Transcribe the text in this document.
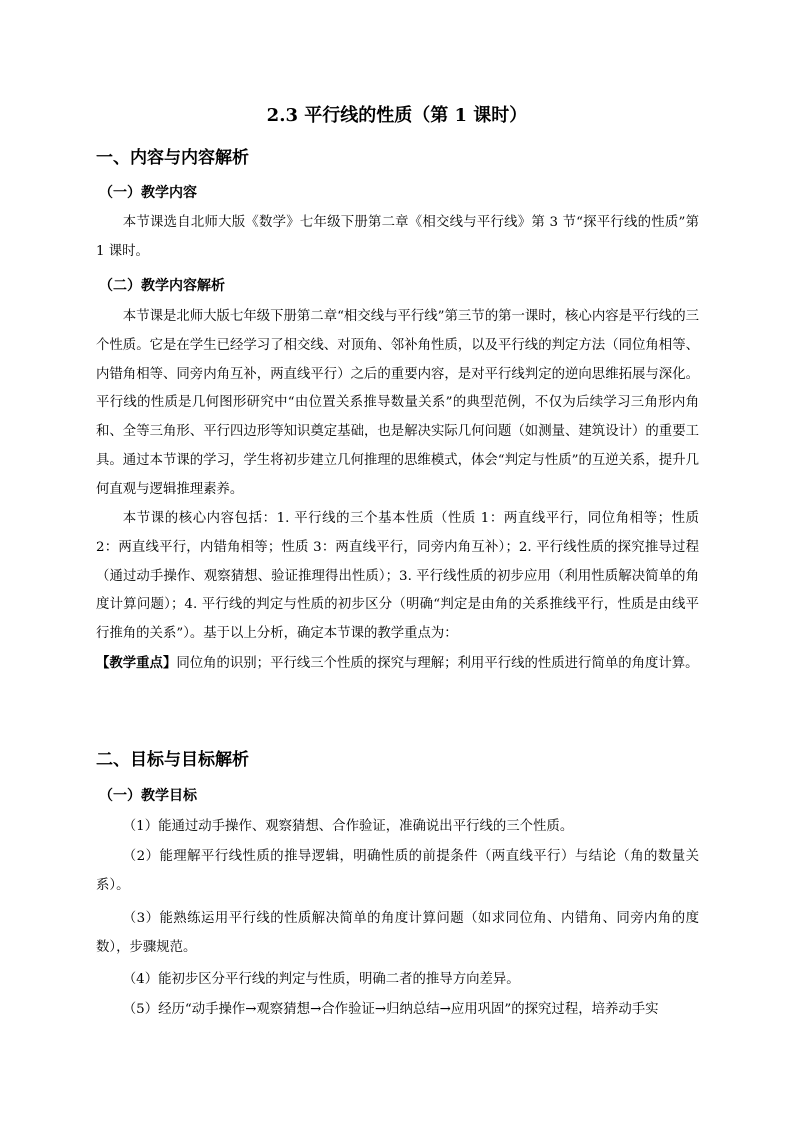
2.3 平行线的性质（第 1 课时）
一、内容与内容解析
（一）教学内容
本节课选自北师大版《数学》七年级下册第二章《相交线与平行线》第 3 节“探平行线的性质”第 1 课时。
（二）教学内容解析
本节课是北师大版七年级下册第二章“相交线与平行线”第三节的第一课时，核心内容是平行线的三个性质。它是在学生已经学习了相交线、对顶角、邻补角性质，以及平行线的判定方法（同位角相等、内错角相等、同旁内角互补，两直线平行）之后的重要内容，是对平行线判定的逆向思维拓展与深化。平行线的性质是几何图形研究中“由位置关系推导数量关系”的典型范例，不仅为后续学习三角形内角和、全等三角形、平行四边形等知识奠定基础，也是解决实际几何问题（如测量、建筑设计）的重要工具。通过本节课的学习，学生将初步建立几何推理的思维模式，体会“判定与性质”的互逆关系，提升几何直观与逻辑推理素养。
本节课的核心内容包括：1. 平行线的三个基本性质（性质 1：两直线平行，同位角相等；性质 2：两直线平行，内错角相等；性质 3：两直线平行，同旁内角互补）；2. 平行线性质的探究推导过程（通过动手操作、观察猜想、验证推理得出性质）；3. 平行线性质的初步应用（利用性质解决简单的角度计算问题）；4. 平行线的判定与性质的初步区分（明确“判定是由角的关系推线平行，性质是由线平行推角的关系”）。基于以上分析，确定本节课的教学重点为：
【教学重点】同位角的识别；平行线三个性质的探究与理解；利用平行线的性质进行简单的角度计算。
二、目标与目标解析
（一）教学目标
（1）能通过动手操作、观察猜想、合作验证，准确说出平行线的三个性质。
（2）能理解平行线性质的推导逻辑，明确性质的前提条件（两直线平行）与结论（角的数量关系）。
（3）能熟练运用平行线的性质解决简单的角度计算问题（如求同位角、内错角、同旁内角的度数），步骤规范。
（4）能初步区分平行线的判定与性质，明确二者的推导方向差异。
（5）经历“动手操作→观察猜想→合作验证→归纳总结→应用巩固”的探究过程，培养动手实
